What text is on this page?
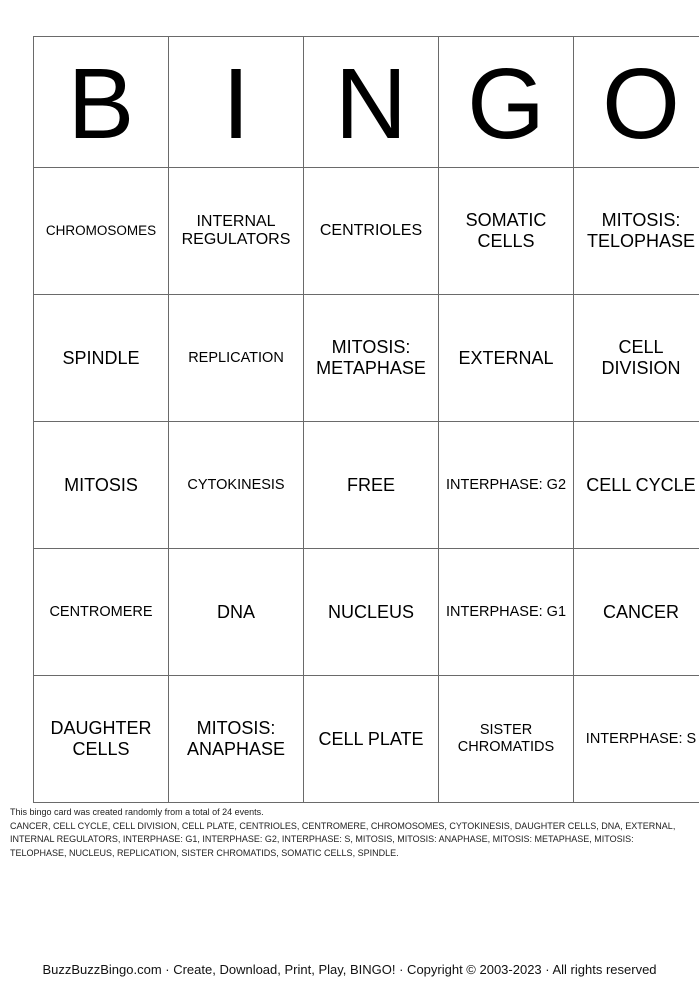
B	I	N	G	O
CHROMOSOMES	INTERNAL REGULATORS	CENTRIOLES	SOMATIC CELLS	MITOSIS: TELOPHASE
SPINDLE	REPLICATION	MITOSIS: METAPHASE	EXTERNAL	CELL DIVISION
MITOSIS	CYTOKINESIS	FREE	INTERPHASE: G2	CELL CYCLE
CENTROMERE	DNA	NUCLEUS	INTERPHASE: G1	CANCER
DAUGHTER CELLS	MITOSIS: ANAPHASE	CELL PLATE	SISTER CHROMATIDS	INTERPHASE: S
This bingo card was created randomly from a total of 24 events.
CANCER, CELL CYCLE, CELL DIVISION, CELL PLATE, CENTRIOLES, CENTROMERE, CHROMOSOMES, CYTOKINESIS, DAUGHTER CELLS, DNA, EXTERNAL, INTERNAL REGULATORS, INTERPHASE: G1, INTERPHASE: G2, INTERPHASE: S, MITOSIS, MITOSIS: ANAPHASE, MITOSIS: METAPHASE, MITOSIS: TELOPHASE, NUCLEUS, REPLICATION, SISTER CHROMATIDS, SOMATIC CELLS, SPINDLE.
BuzzBuzzBingo.com · Create, Download, Print, Play, BINGO! · Copyright © 2003-2023 · All rights reserved
